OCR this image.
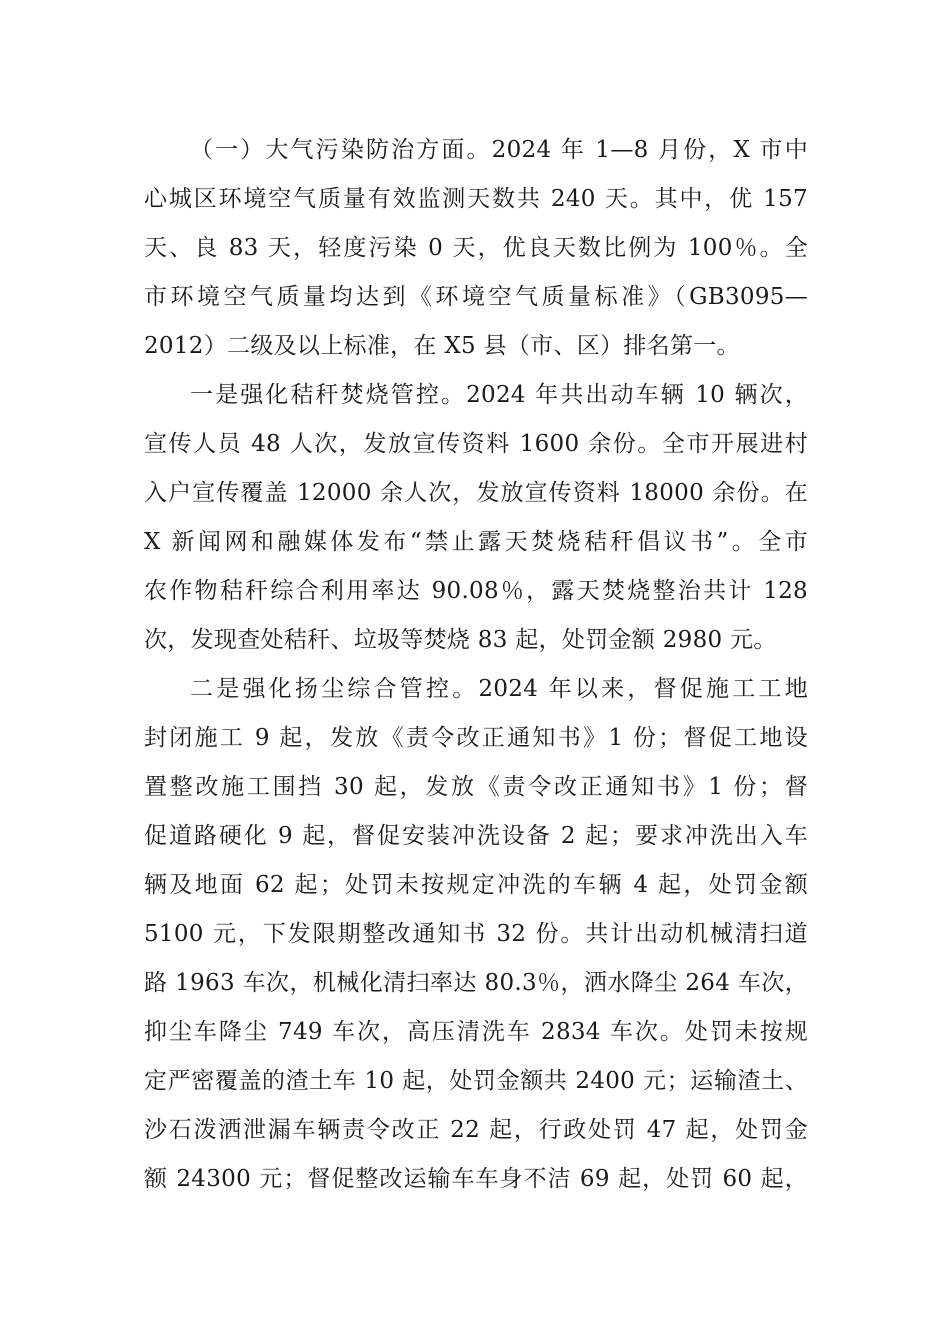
（一）大气污染防治方面。2024 年 1—8 月份，X 市中
心城区环境空气质量有效监测天数共 240 天。其中，优 157
天、良 83 天，轻度污染 0 天，优良天数比例为 100％。全
市环境空气质量均达到《环境空气质量标准》（GB3095—
2012）二级及以上标准，在 X5 县（市、区）排名第一。
一是强化秸秆焚烧管控。2024 年共出动车辆 10 辆次，
宣传人员 48 人次，发放宣传资料 1600 余份。全市开展进村
入户宣传覆盖 12000 余人次，发放宣传资料 18000 余份。在
X 新闻网和融媒体发布“禁止露天焚烧秸秆倡议书”。全市
农作物秸秆综合利用率达 90.08％，露天焚烧整治共计 128
次，发现查处秸秆、垃圾等焚烧 83 起，处罚金额 2980 元。
二是强化扬尘综合管控。2024 年以来，督促施工工地
封闭施工 9 起，发放《责令改正通知书》1 份；督促工地设
置整改施工围挡 30 起，发放《责令改正通知书》1 份；督
促道路硬化 9 起，督促安装冲洗设备 2 起；要求冲洗出入车
辆及地面 62 起；处罚未按规定冲洗的车辆 4 起，处罚金额
5100 元，下发限期整改通知书 32 份。共计出动机械清扫道
路 1963 车次，机械化清扫率达 80.3％，洒水降尘 264 车次，
抑尘车降尘 749 车次，高压清洗车 2834 车次。处罚未按规
定严密覆盖的渣土车 10 起，处罚金额共 2400 元；运输渣土、
沙石泼洒泄漏车辆责令改正 22 起，行政处罚 47 起，处罚金
额 24300 元；督促整改运输车车身不洁 69 起，处罚 60 起，
